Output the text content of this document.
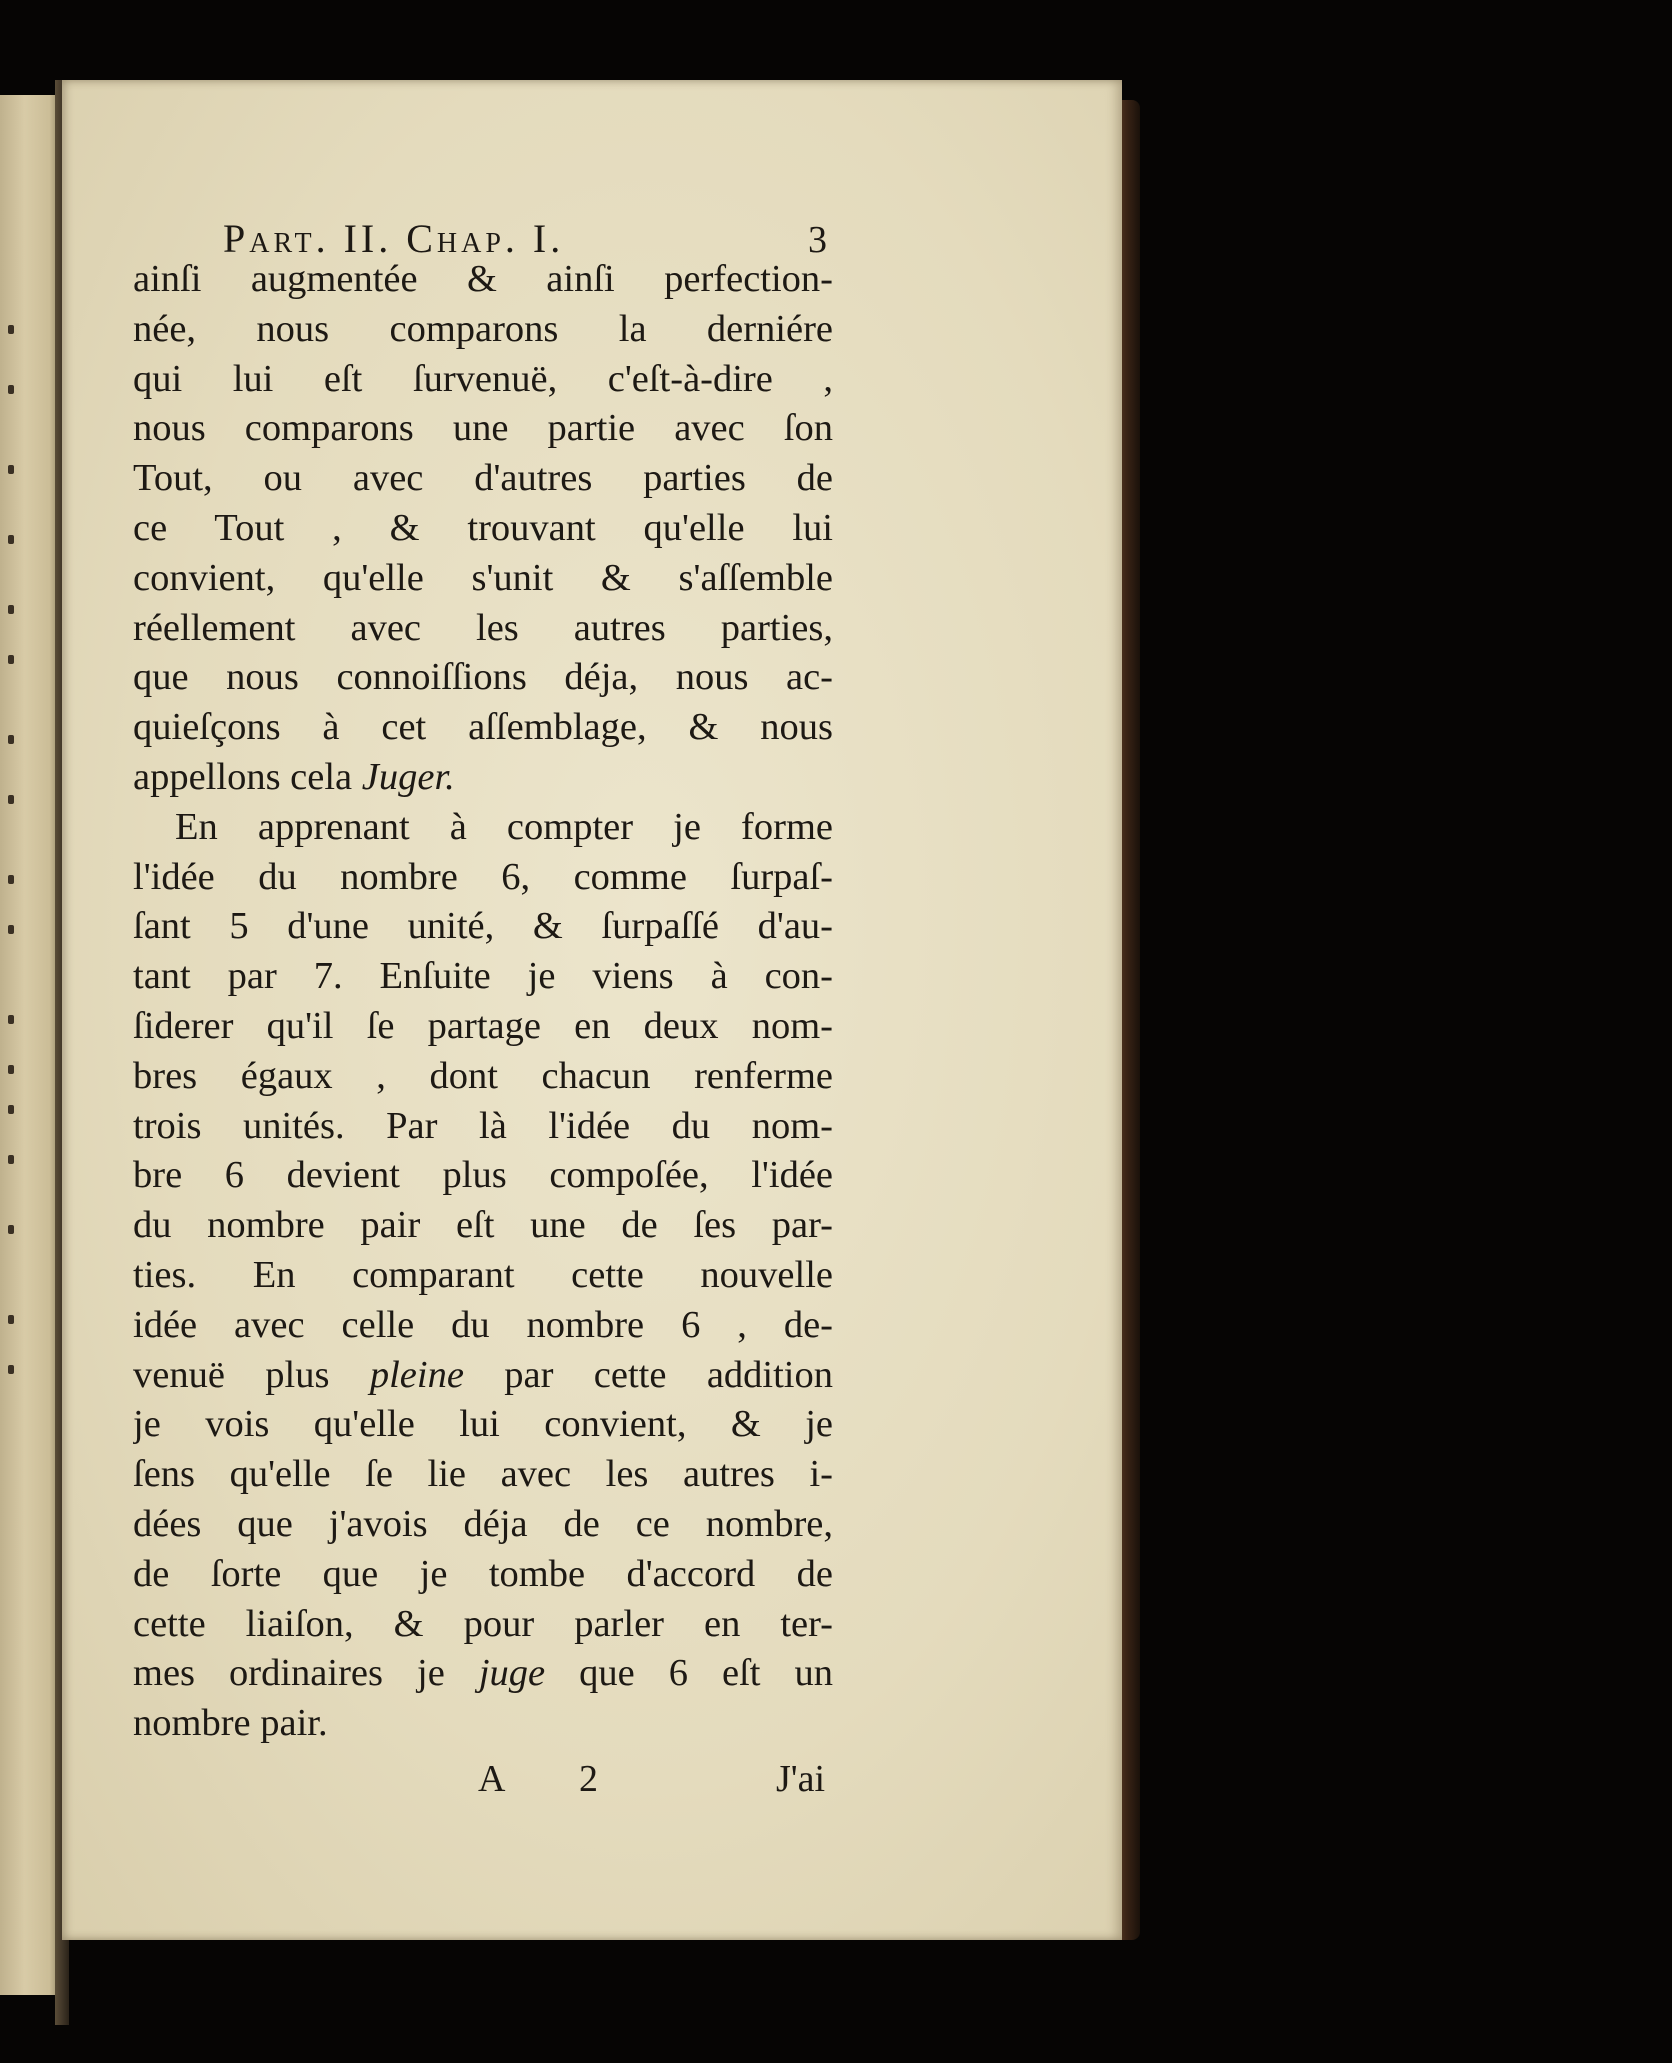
Part. II. Chap. I.	3
ainſi augmentée & ainſi perfection-
née, nous comparons la derniére
qui lui eſt ſurvenuë, c'eſt-à-dire ,
nous comparons une partie avec ſon
Tout, ou avec d'autres parties de
ce Tout , & trouvant qu'elle lui
convient, qu'elle s'unit & s'aſſemble
réellement avec les autres parties,
que nous connoiſſions déja, nous ac-
quieſçons à cet aſſemblage, & nous
appellons cela Juger.
En apprenant à compter je forme
l'idée du nombre 6, comme ſurpaſ-
ſant 5 d'une unité, & ſurpaſſé d'au-
tant par 7. Enſuite je viens à con-
ſiderer qu'il ſe partage en deux nom-
bres égaux , dont chacun renferme
trois unités. Par là l'idée du nom-
bre 6 devient plus compoſée, l'idée
du nombre pair eſt une de ſes par-
ties. En comparant cette nouvelle
idée avec celle du nombre 6 , de-
venuë plus pleine par cette addition
je vois qu'elle lui convient, & je
ſens qu'elle ſe lie avec les autres i-
dées que j'avois déja de ce nombre,
de ſorte que je tombe d'accord de
cette liaiſon, & pour parler en ter-
mes ordinaires je juge que 6 eſt un
nombre pair.
A 2	J'ai
